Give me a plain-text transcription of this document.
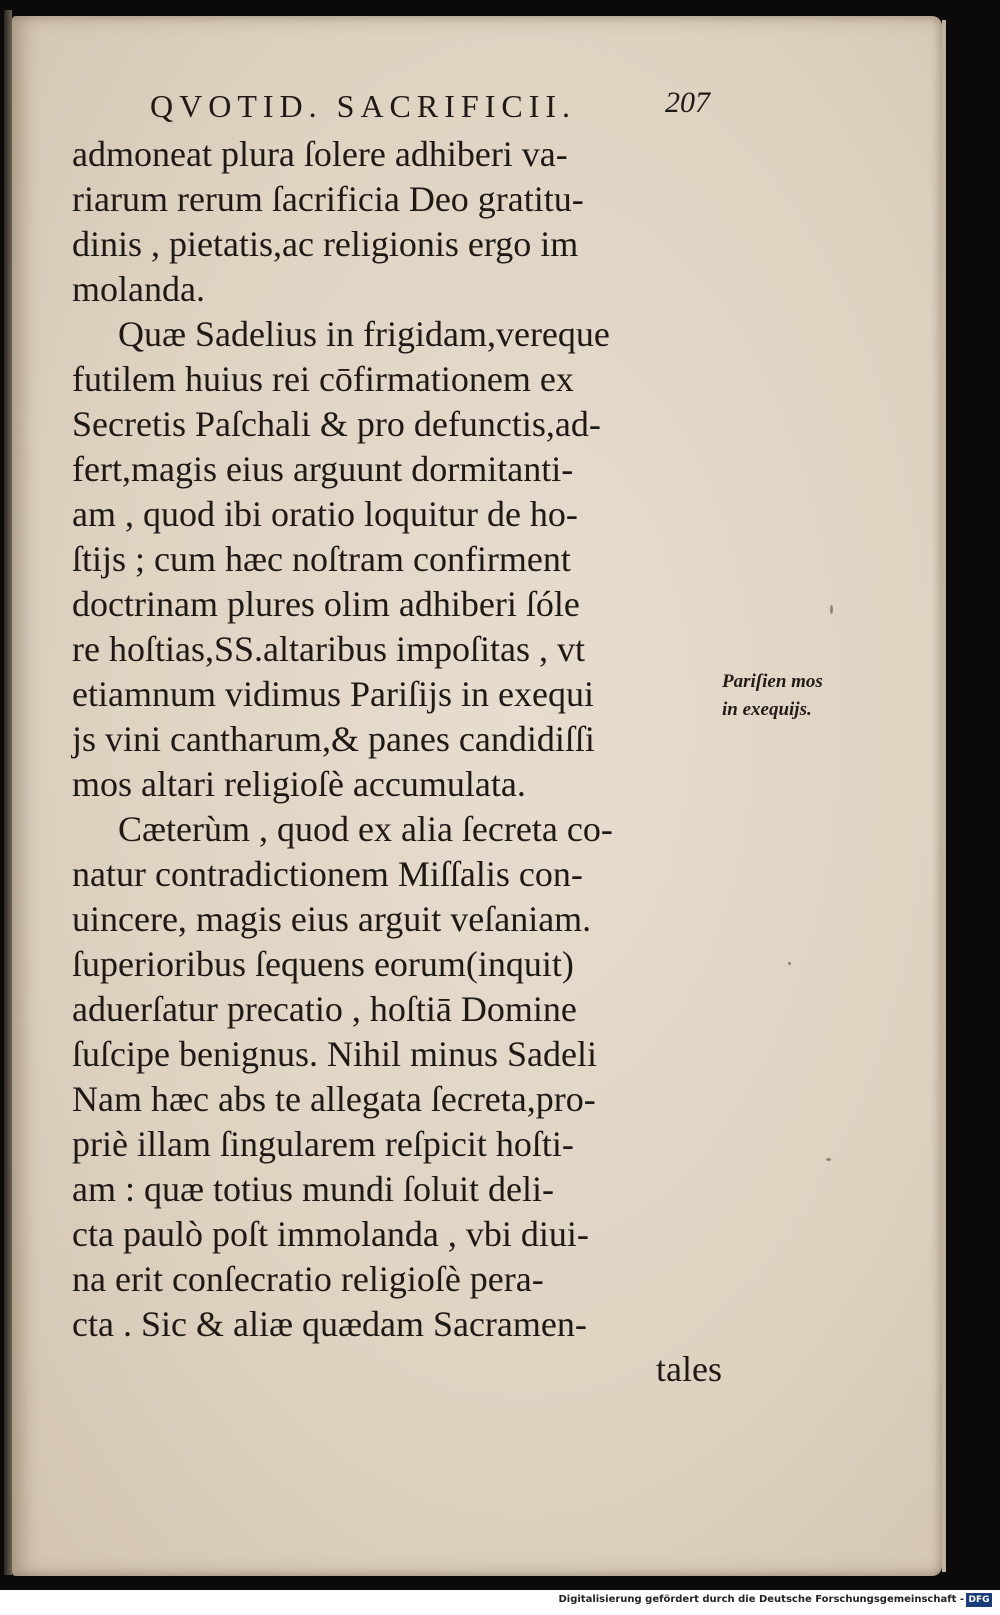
QVOTID. SACRIFICII.	207
admoneat plura ſolere adhiberi va-
riarum rerum ſacrificia Deo gratitu-
dinis , pietatis,ac religionis ergo im
molanda.
Quæ Sadelius in frigidam,vereque
futilem huius rei cōfirmationem ex
Secretis Paſchali & pro defunctis,ad-
fert,magis eius arguunt dormitanti-
am , quod ibi oratio loquitur de ho-
ſtijs ; cum hæc noſtram confirment
doctrinam plures olim adhiberi ſóle
re hoſtias,SS.altaribus impoſitas , vt
etiamnum vidimus Pariſijs in exequi
js vini cantharum,& panes candidiſſi
mos altari religioſè accumulata.
Cæterùm , quod ex alia ſecreta co-
natur contradictionem Miſſalis con-
uincere, magis eius arguit veſaniam.
ſuperioribus ſequens eorum(inquit)
aduerſatur precatio , hoſtiā Domine
ſuſcipe benignus. Nihil minus Sadeli
Nam hæc abs te allegata ſecreta,pro-
priè illam ſingularem reſpicit hoſti-
am : quæ totius mundi ſoluit deli-
cta paulò poſt immolanda , vbi diui-
na erit conſecratio religioſè pera-
cta . Sic & aliæ quædam Sacramen-
tales
Pariſien mos
in exequijs.
Digitalisierung gefördert durch die Deutsche Forschungsgemeinschaft - DFG
